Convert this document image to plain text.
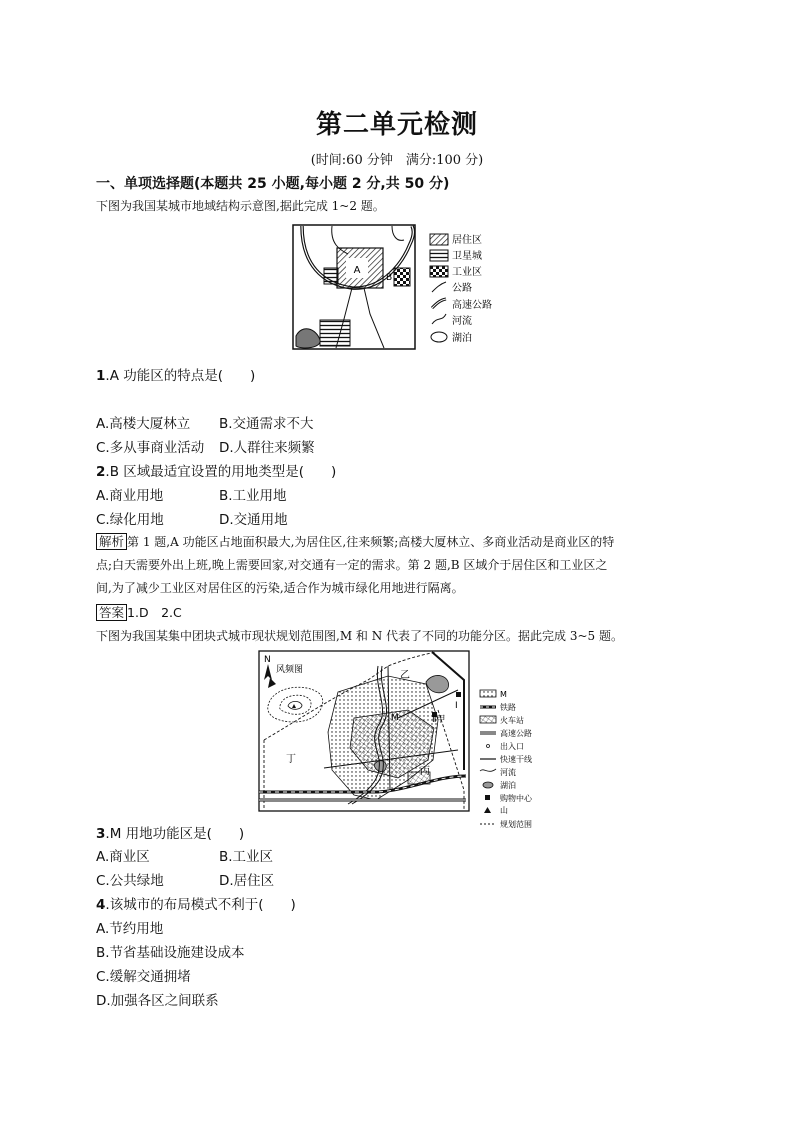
第二单元检测
(时间:60 分钟　满分:100 分)
一、单项选择题(本题共 25 小题,每小题 2 分,共 50 分)
下图为我国某城市地域结构示意图,据此完成 1~2 题。
A
B
居住区
卫星城
工业区
公路
高速公路
河流
湖泊
1.A 功能区的特点是(　　)
A.高楼大厦林立 B.交通需求不大
C.多从事商业活动 D.人群往来频繁
2.B 区域最适宜设置的用地类型是(　　)
A.商业用地	B.工业用地
C.绿化用地	D.交通用地
解析 第 1 题,A 功能区占地面积最大,为居住区,往来频繁;高楼大厦林立、多商业活动是商业区的特
点;白天需要外出上班,晚上需要回家,对交通有一定的需求。第 2 题,B 区域介于居住区和工业区之
间,为了减少工业区对居住区的污染,适合作为城市绿化用地进行隔离。
答案 1.D　2.C
下图为我国某集中团块式城市现状规划范围图,M 和 N 代表了不同的功能分区。据此完成 3~5 题。
N
风频图	乙
Ⅱ甲
Ⅰ
M
丁
丙
M
铁路
火车站
高速公路
出入口
快速干线
河流
湖泊
购物中心
山
规划范围
3.M 用地功能区是(　　)
A.商业区	B.工业区
C.公共绿地	D.居住区
4.该城市的布局模式不利于(　　)
A.节约用地
B.节省基础设施建设成本
C.缓解交通拥堵
D.加强各区之间联系
